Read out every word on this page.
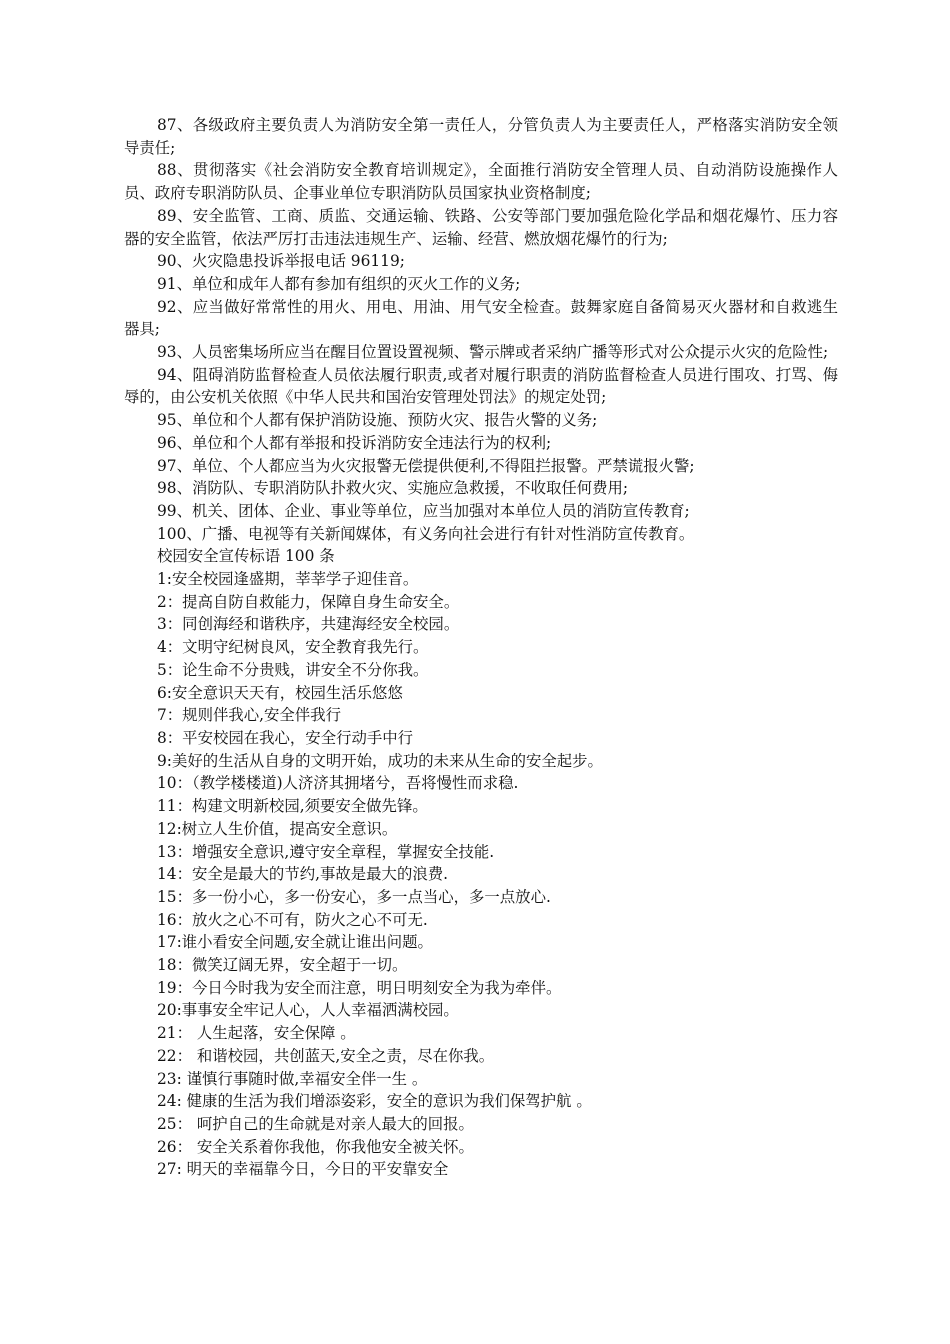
87、各级政府主要负责人为消防安全第一责任人，分管负责人为主要责任人，严格落实消防安全领导责任;

88、贯彻落实《社会消防安全教育培训规定》，全面推行消防安全管理人员、自动消防设施操作人员、政府专职消防队员、企事业单位专职消防队员国家执业资格制度;

89、安全监管、工商、质监、交通运输、铁路、公安等部门要加强危险化学品和烟花爆竹、压力容器的安全监管，依法严厉打击违法违规生产、运输、经营、燃放烟花爆竹的行为;

90、火灾隐患投诉举报电话 96119;

91、单位和成年人都有参加有组织的灭火工作的义务;

92、应当做好常常性的用火、用电、用油、用气安全检查。鼓舞家庭自备简易灭火器材和自救逃生器具;

93、人员密集场所应当在醒目位置设置视频、警示牌或者采纳广播等形式对公众提示火灾的危险性;

94、阻碍消防监督检查人员依法履行职责,或者对履行职责的消防监督检查人员进行围攻、打骂、侮辱的，由公安机关依照《中华人民共和国治安管理处罚法》的规定处罚;

95、单位和个人都有保护消防设施、预防火灾、报告火警的义务;

96、单位和个人都有举报和投诉消防安全违法行为的权利;

97、单位、个人都应当为火灾报警无偿提供便利,不得阻拦报警。严禁谎报火警;

98、消防队、专职消防队扑救火灾、实施应急救援，不收取任何费用;

99、机关、团体、企业、事业等单位，应当加强对本单位人员的消防宣传教育;

100、广播、电视等有关新闻媒体，有义务向社会进行有针对性消防宣传教育。

校园安全宣传标语 100 条

1:安全校园逢盛期，莘莘学子迎佳音。

2：提高自防自救能力，保障自身生命安全。

3：同创海经和谐秩序，共建海经安全校园。

4：文明守纪树良风，安全教育我先行。

5：论生命不分贵贱，讲安全不分你我。

6:安全意识天天有，校园生活乐悠悠

7：规则伴我心,安全伴我行

8：平安校园在我心，安全行动手中行

9:美好的生活从自身的文明开始，成功的未来从生命的安全起步。

10：（教学楼楼道)人济济其拥堵兮，吾将慢性而求稳.

11：构建文明新校园,须要安全做先锋。

12:树立人生价值，提高安全意识。

13：增强安全意识,遵守安全章程，掌握安全技能.

14：安全是最大的节约,事故是最大的浪费.

15：多一份小心，多一份安心，多一点当心，多一点放心.

16：放火之心不可有，防火之心不可无.

17:谁小看安全问题,安全就让谁出问题。

18：微笑辽阔无界，安全超于一切。

19：今日今时我为安全而注意，明日明刻安全为我为牵伴。

20:事事安全牢记人心，人人幸福洒满校园。

21： 人生起落，安全保障 。

22： 和谐校园，共创蓝天,安全之责，尽在你我。

23: 谨慎行事随时做,幸福安全伴一生 。

24: 健康的生活为我们增添姿彩，安全的意识为我们保驾护航 。

25： 呵护自己的生命就是对亲人最大的回报。

26： 安全关系着你我他，你我他安全被关怀。

27: 明天的幸福靠今日，今日的平安靠安全
